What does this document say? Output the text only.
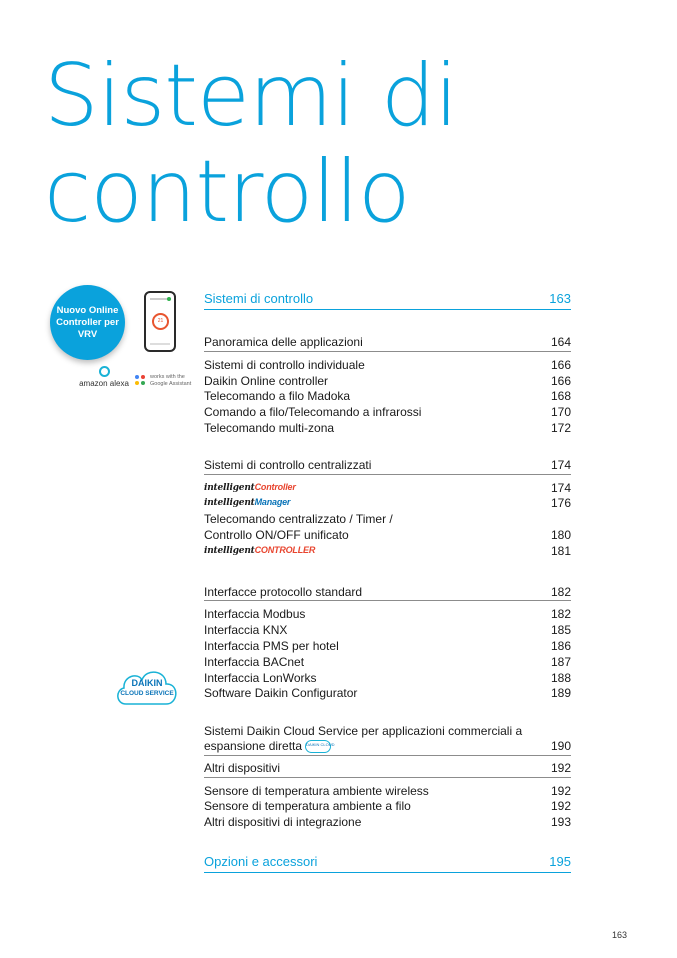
Sistemi di
controllo
Nuovo Online Controller per VRV
21
amazon alexa
works with the
Google Assistant
DAIKIN
CLOUD SERVICE
Sistemi di controllo	163
Panoramica delle applicazioni	164
Sistemi di controllo individuale	166
Daikin Online controller	166
Telecomando a filo Madoka	168
Comando a filo/Telecomando a infrarossi	170
Telecomando multi-zona	172
Sistemi di controllo centralizzati	174
intelligentController	174
intelligentManager	176
Telecomando centralizzato / Timer /
Controllo ON/OFF unificato	180
intelligentCONTROLLER	181
Interfacce protocollo standard	182
Interfaccia Modbus	182
Interfaccia KNX	185
Interfaccia PMS per hotel	186
Interfaccia BACnet	187
Interfaccia LonWorks	188
Software Daikin Configurator	189
Sistemi Daikin Cloud Service per applicazioni commerciali a
espansione diretta DAIKIN CLOUD	190
Altri dispositivi	192
Sensore di temperatura ambiente wireless	192
Sensore di temperatura ambiente a filo	192
Altri dispositivi di integrazione	193
Opzioni e accessori	195
163
